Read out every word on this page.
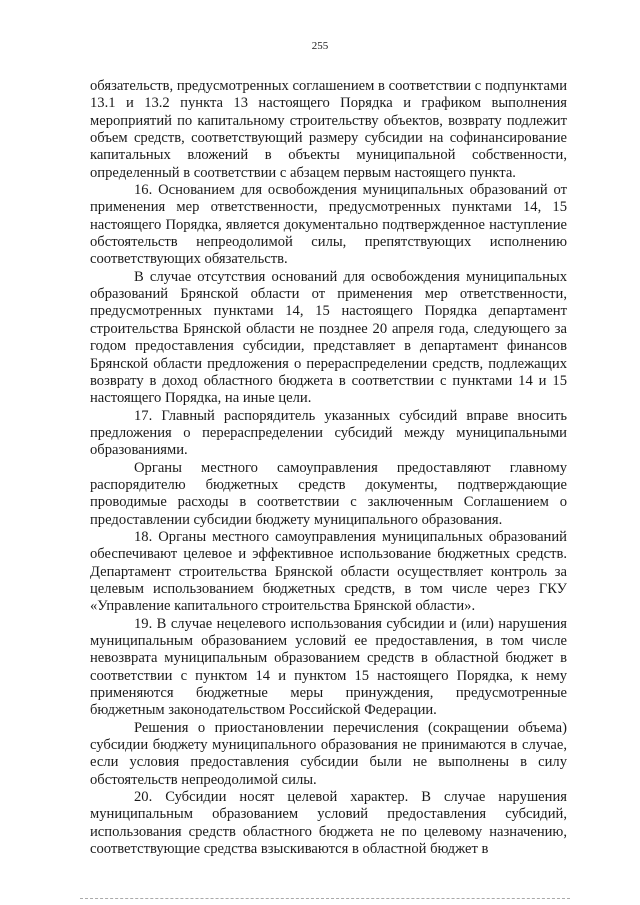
255

обязательств, предусмотренных соглашением в соответствии с подпунктами 13.1 и 13.2 пункта 13 настоящего Порядка и графиком выполнения мероприятий по капитальному строительству объектов, возврату подлежит объем средств, соответствующий размеру субсидии на софинансирование капитальных вложений в объекты муниципальной собственности, определенный в соответствии с абзацем первым настоящего пункта.

16. Основанием для освобождения муниципальных образований от применения мер ответственности, предусмотренных пунктами 14, 15 настоящего Порядка, является документально подтвержденное наступление обстоятельств непреодолимой силы, препятствующих исполнению соответствующих обязательств.

В случае отсутствия оснований для освобождения муниципальных образований Брянской области от применения мер ответственности, предусмотренных пунктами 14, 15 настоящего Порядка департамент строительства Брянской области не позднее 20 апреля года, следующего за годом предоставления субсидии, представляет в департамент финансов Брянской области предложения о перераспределении средств, подлежащих возврату в доход областного бюджета в соответствии с пунктами 14 и 15 настоящего Порядка, на иные цели.

17. Главный распорядитель указанных субсидий вправе вносить предложения о перераспределении субсидий между муниципальными образованиями.

Органы местного самоуправления предоставляют главному распорядителю бюджетных средств документы, подтверждающие проводимые расходы в соответствии с заключенным Соглашением о предоставлении субсидии бюджету муниципального образования.

18. Органы местного самоуправления муниципальных образований обеспечивают целевое и эффективное использование бюджетных средств. Департамент строительства Брянской области осуществляет контроль за целевым использованием бюджетных средств, в том числе через ГКУ «Управление капитального строительства Брянской области».

19. В случае нецелевого использования субсидии и (или) нарушения муниципальным образованием условий ее предоставления, в том числе невозврата муниципальным образованием средств в областной бюджет в соответствии с пунктом 14 и пунктом 15 настоящего Порядка, к нему применяются бюджетные меры принуждения, предусмотренные бюджетным законодательством Российской Федерации.

Решения о приостановлении перечисления (сокращении объема) субсидии бюджету муниципального образования не принимаются в случае, если условия предоставления субсидии были не выполнены в силу обстоятельств непреодолимой силы.

20. Субсидии носят целевой характер. В случае нарушения муниципальным образованием условий предоставления субсидий, использования средств областного бюджета не по целевому назначению, соответствующие средства взыскиваются в областной бюджет в
